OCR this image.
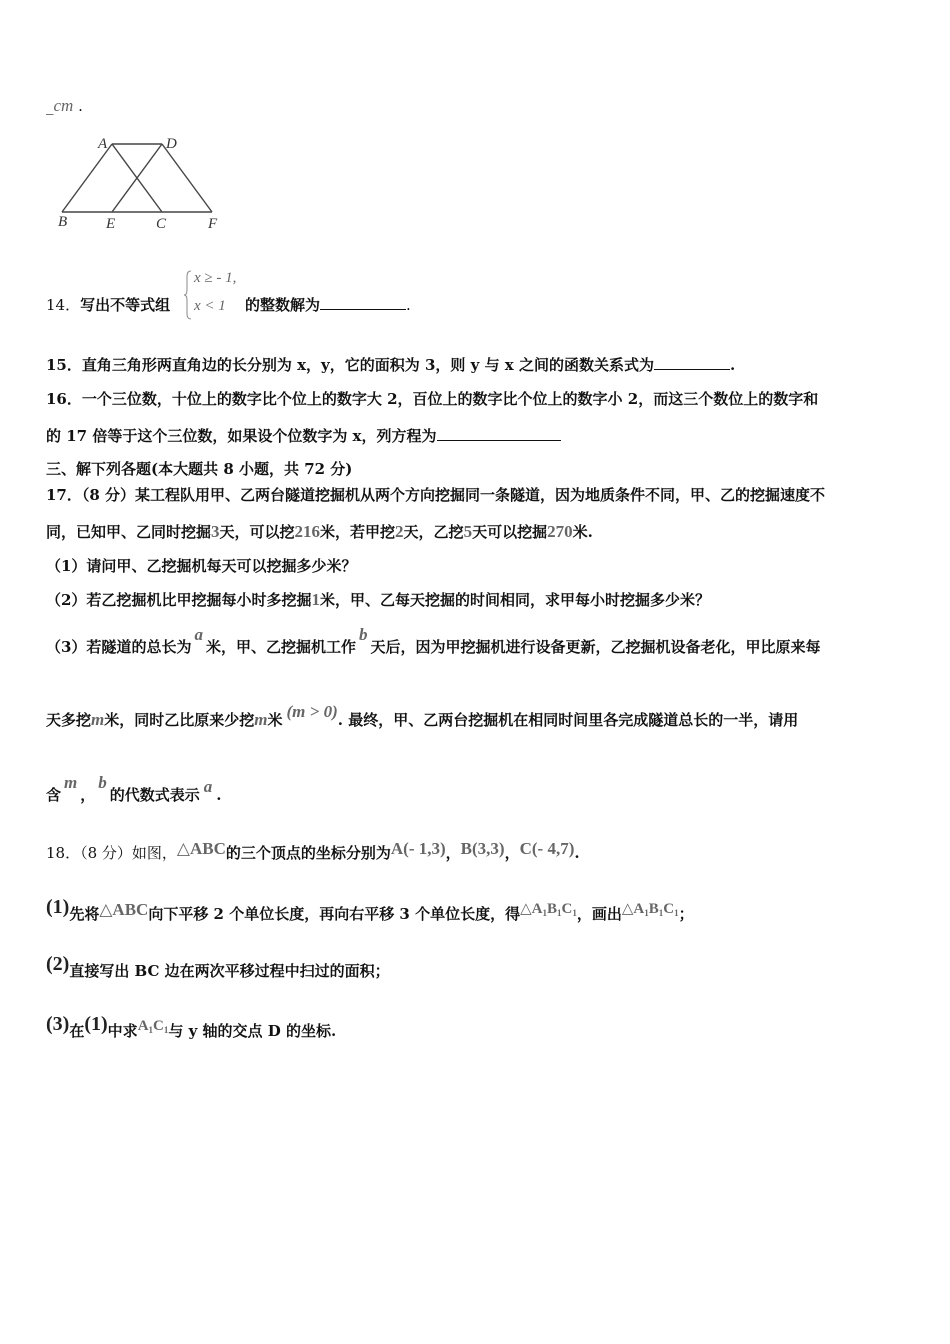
_cm .
A	D
B	E	C	F
14．写出不等式组
x ≥ - 1,
x < 1 的整数解为	.
15．直角三角形两直角边的长分别为 x，y，它的面积为 3，则 y 与 x 之间的函数关系式为	.
16．一个三位数，十位上的数字比个位上的数字大 2，百位上的数字比个位上的数字小 2，而这三个数位上的数字和
的 17 倍等于这个三位数，如果设个位数字为 x，列方程为
三、解下列各题(本大题共 8 小题，共 72 分)
17．（8 分）某工程队用甲、乙两台隧道挖掘机从两个方向挖掘同一条隧道，因为地质条件不同，甲、乙的挖掘速度不
同，已知甲、乙同时挖掘3天，可以挖216米，若甲挖2天，乙挖5天可以挖掘270米.
（1）请问甲、乙挖掘机每天可以挖掘多少米？
（2）若乙挖掘机比甲挖掘每小时多挖掘1米，甲、乙每天挖掘的时间相同，求甲每小时挖掘多少米？
（3）若隧道的总长为a米，甲、乙挖掘机工作b天后，因为甲挖掘机进行设备更新，乙挖掘机设备老化，甲比原来每
天多挖m米，同时乙比原来少挖m米 (m > 0). 最终，甲、乙两台挖掘机在相同时间里各完成隧道总长的一半，请用
含m，b的代数式表示 a .
18．（8 分）如图，△ABC的三个顶点的坐标分别为A(- 1,3)，B(3,3)，C(- 4,7).
(1)先将△ABC向下平移 2 个单位长度，再向右平移 3 个单位长度，得$\triangle A_1B_1C_1$，画出$\triangle A_1B_1C_1$；
(2)直接写出 BC 边在两次平移过程中扫过的面积；
(3)在(1)中求$A_1C_1$与 y 轴的交点 D 的坐标.
